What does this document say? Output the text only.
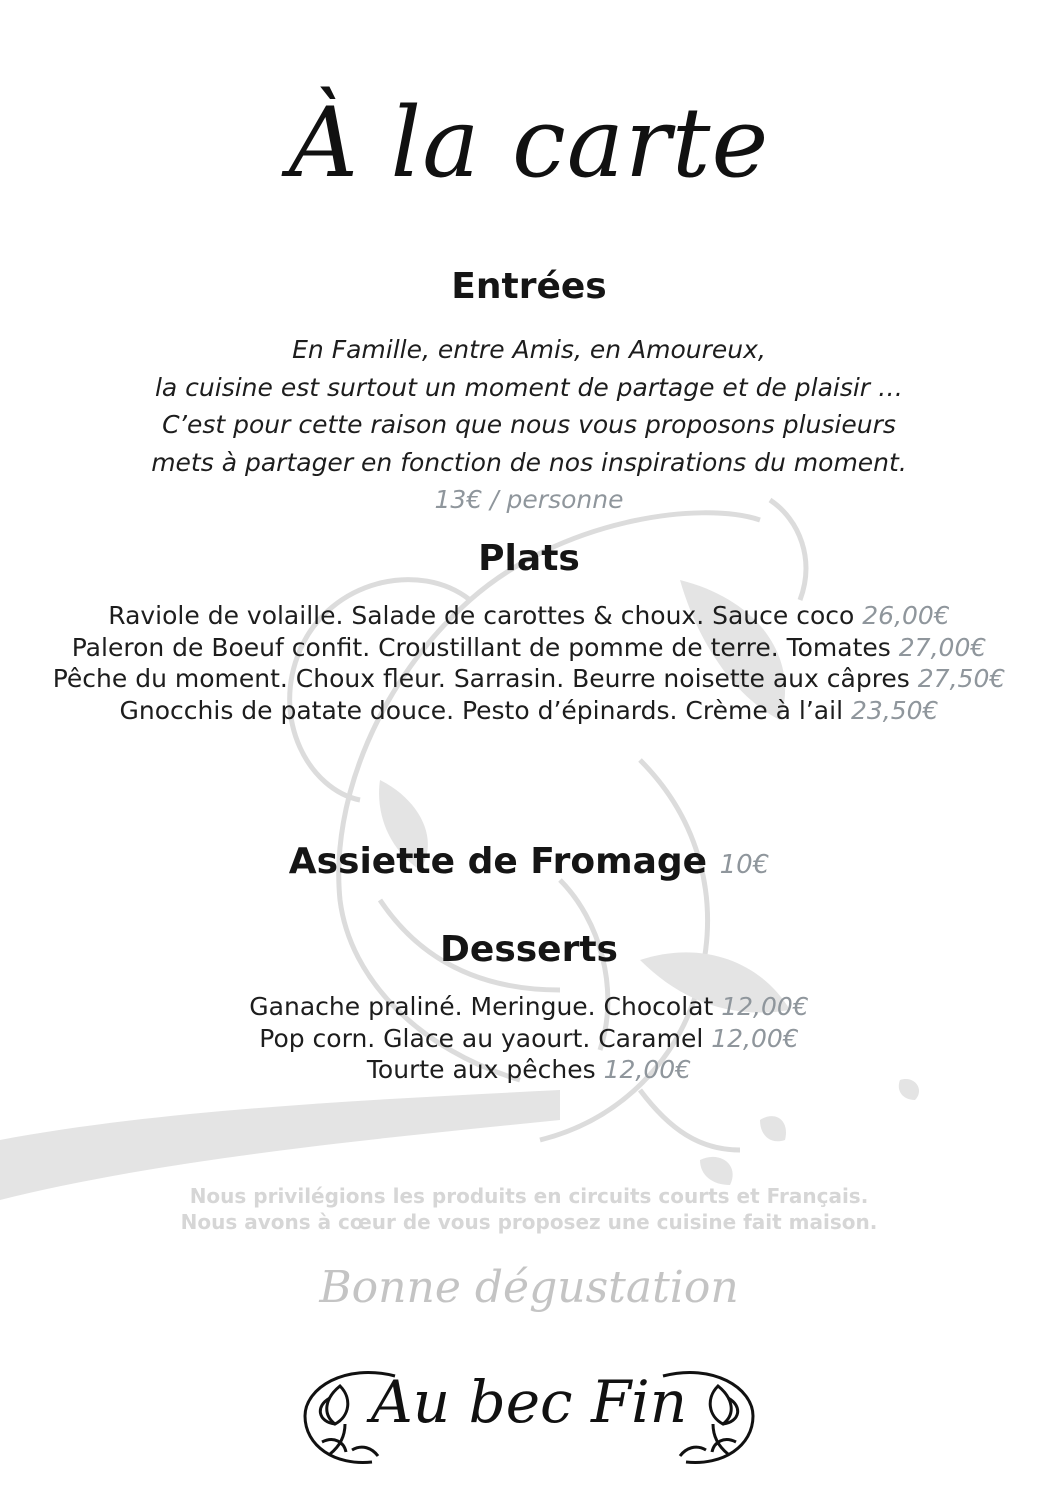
À la carte
Entrées
En Famille, entre Amis, en Amoureux,
la cuisine est surtout un moment de partage et de plaisir …
C’est pour cette raison que nous vous proposons plusieurs
mets à partager en fonction de nos inspirations du moment.
13€ / personne
Plats
Raviole de volaille. Salade de carottes & choux. Sauce coco 26,00€
Paleron de Boeuf confit. Croustillant de pomme de terre. Tomates 27,00€
Pêche du moment. Choux fleur. Sarrasin. Beurre noisette aux câpres 27,50€
Gnocchis de patate douce. Pesto d’épinards. Crème à l’ail 23,50€
Assiette de Fromage 10€
Desserts
Ganache praliné. Meringue. Chocolat 12,00€
Pop corn. Glace au yaourt. Caramel 12,00€
Tourte aux pêches 12,00€
Nous privilégions les produits en circuits courts et Français.
Nous avons à cœur de vous proposez une cuisine fait maison.
Bonne dégustation
Au bec Fin
